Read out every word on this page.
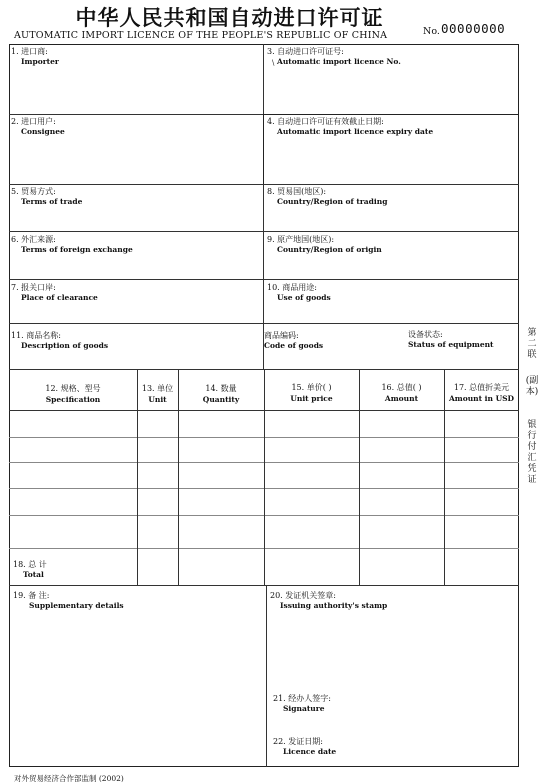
中华人民共和国自动进口许可证
AUTOMATIC IMPORT LICENCE OF THE PEOPLE'S REPUBLIC OF CHINA	No. 00000000
1. 进口商:
Importer
3. 自动进口许可证号:
Automatic import licence No.
\
2. 进口用户:
Consignee
4. 自动进口许可证有效截止日期:
Automatic import licence expiry date
5. 贸易方式:
Terms of trade
8. 贸易国(地区):
Country/Region of trading
6. 外汇来源:
Terms of foreign exchange
9. 原产地国(地区):
Country/Region of origin
7. 报关口岸:
Place of clearance
10. 商品用途:
Use of goods
11. 商品名称:
Description of goods
商品编码:
Code of goods
设备状态:
Status of equipment
12. 规格、型号
Specification
13. 单位
Unit
14. 数量
Quantity
15. 单价( )
Unit price
16. 总值( )
Amount
17. 总值折美元
Amount in USD
18. 总 计
Total
19. 备 注:
Supplementary details
20. 发证机关签章:
Issuing authority's stamp
21. 经办人签字:
Signature
22. 发证日期:
Licence date
第二联
(副本)
银行付汇凭证
对外贸易经济合作部监制 (2002)
